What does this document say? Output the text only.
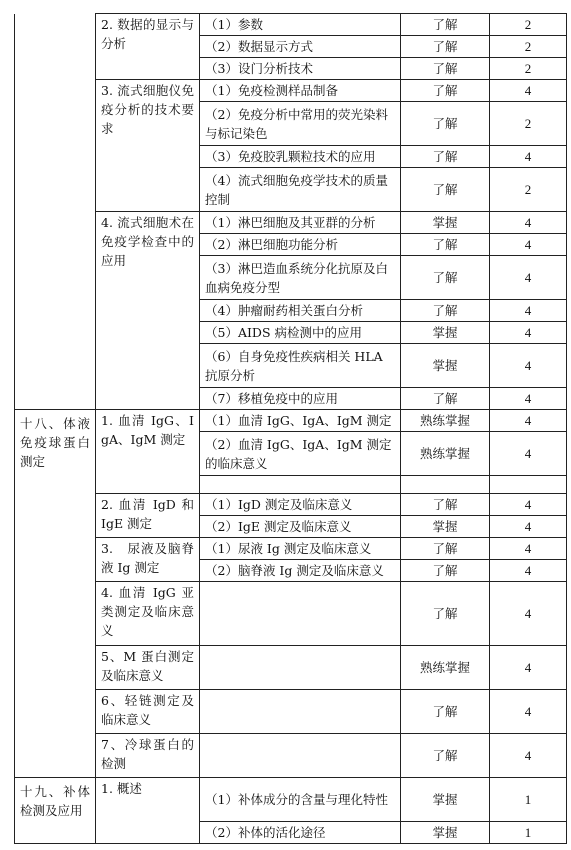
	2. 数据的显示与分析	（1）参数	了解	2
		（2）数据显示方式	了解	2
		（3）设门分析技术	了解	2
	3. 流式细胞仪免疫分析的技术要求	（1）免疫检测样品制备	了解	4
		（2）免疫分析中常用的荧光染料与标记染色	了解	2
		（3）免疫胶乳颗粒技术的应用	了解	4
		（4）流式细胞免疫学技术的质量控制	了解	2
	4. 流式细胞术在免疫学检查中的应用	（1）淋巴细胞及其亚群的分析	掌握	4
		（2）淋巴细胞功能分析	了解	4
		（3）淋巴造血系统分化抗原及白血病免疫分型	了解	4
		（4）肿瘤耐药相关蛋白分析	了解	4
		（5）AIDS 病检测中的应用	掌握	4
		（6）自身免疫性疾病相关 HLA 抗原分析	掌握	4
		（7）移植免疫中的应用	了解	4
十八、体液免疫球蛋白测定	1. 血清 IgG、IgA、IgM 测定	（1）血清 IgG、IgA、IgM 测定	熟练掌握	4
		（2）血清 IgG、IgA、IgM 测定的临床意义	熟练掌握	4

	2. 血清 IgD 和 IgE 测定	（1）IgD 测定及临床意义	了解	4
		（2）IgE 测定及临床意义	掌握	4
	3.　尿液及脑脊液 Ig 测定	（1）尿液 Ig 测定及临床意义	了解	4
		（2）脑脊液 Ig 测定及临床意义	了解	4
	4. 血清 IgG 亚类测定及临床意义		了解	4
	5、M 蛋白测定及临床意义		熟练掌握	4
	6、轻链测定及临床意义		了解	4
	7、冷球蛋白的检测		了解	4
十九、补体检测及应用	1. 概述	（1）补体成分的含量与理化特性	掌握	1
		（2）补体的活化途径	掌握	1
